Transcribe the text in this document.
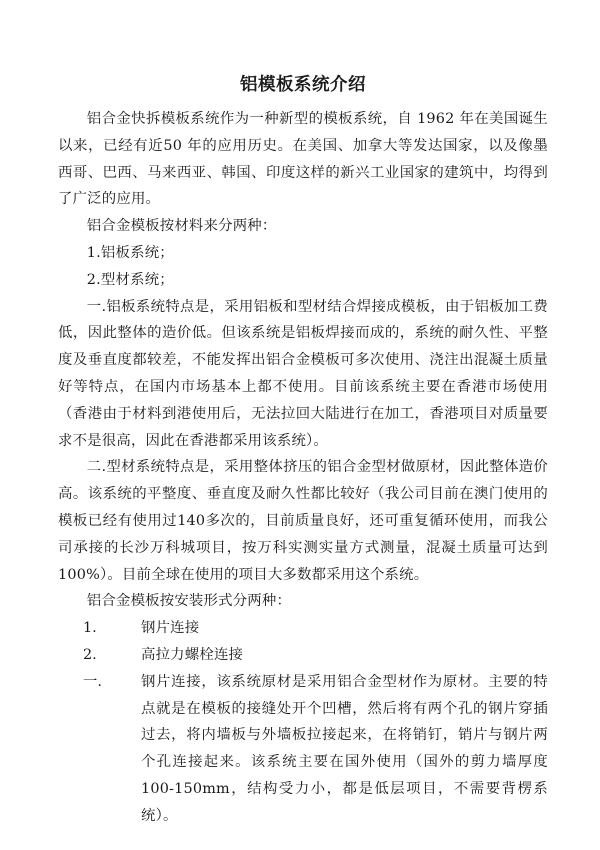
铝模板系统介绍

铝合金快拆模板系统作为一种新型的模板系统，自 1962 年在美国诞生以来，已经有近50 年的应用历史。在美国、加拿大等发达国家，以及像墨西哥、巴西、马来西亚、韩国、印度这样的新兴工业国家的建筑中，均得到了广泛的应用。

铝合金模板按材料来分两种：

1.铝板系统；

2.型材系统；

一.铝板系统特点是，采用铝板和型材结合焊接成模板，由于铝板加工费低，因此整体的造价低。但该系统是铝板焊接而成的，系统的耐久性、平整度及垂直度都较差，不能发挥出铝合金模板可多次使用、浇注出混凝土质量好等特点，在国内市场基本上都不使用。目前该系统主要在香港市场使用（香港由于材料到港使用后，无法拉回大陆进行在加工，香港项目对质量要求不是很高，因此在香港都采用该系统）。

二.型材系统特点是，采用整体挤压的铝合金型材做原材，因此整体造价高。该系统的平整度、垂直度及耐久性都比较好（我公司目前在澳门使用的模板已经有使用过140多次的，目前质量良好，还可重复循环使用，而我公司承接的长沙万科城项目，按万科实测实量方式测量，混凝土质量可达到100%）。目前全球在使用的项目大多数都采用这个系统。

铝合金模板按安装形式分两种：

1.	钢片连接
2.	高拉力螺栓连接
一.	钢片连接，该系统原材是采用铝合金型材作为原材。主要的特点就是在模板的接缝处开个凹槽，然后将有两个孔的钢片穿插过去，将内墙板与外墙板拉接起来，在将销钉，销片与钢片两个孔连接起来。该系统主要在国外使用（国外的剪力墙厚度100-150mm，结构受力小，都是低层项目，不需要背楞系统）。
